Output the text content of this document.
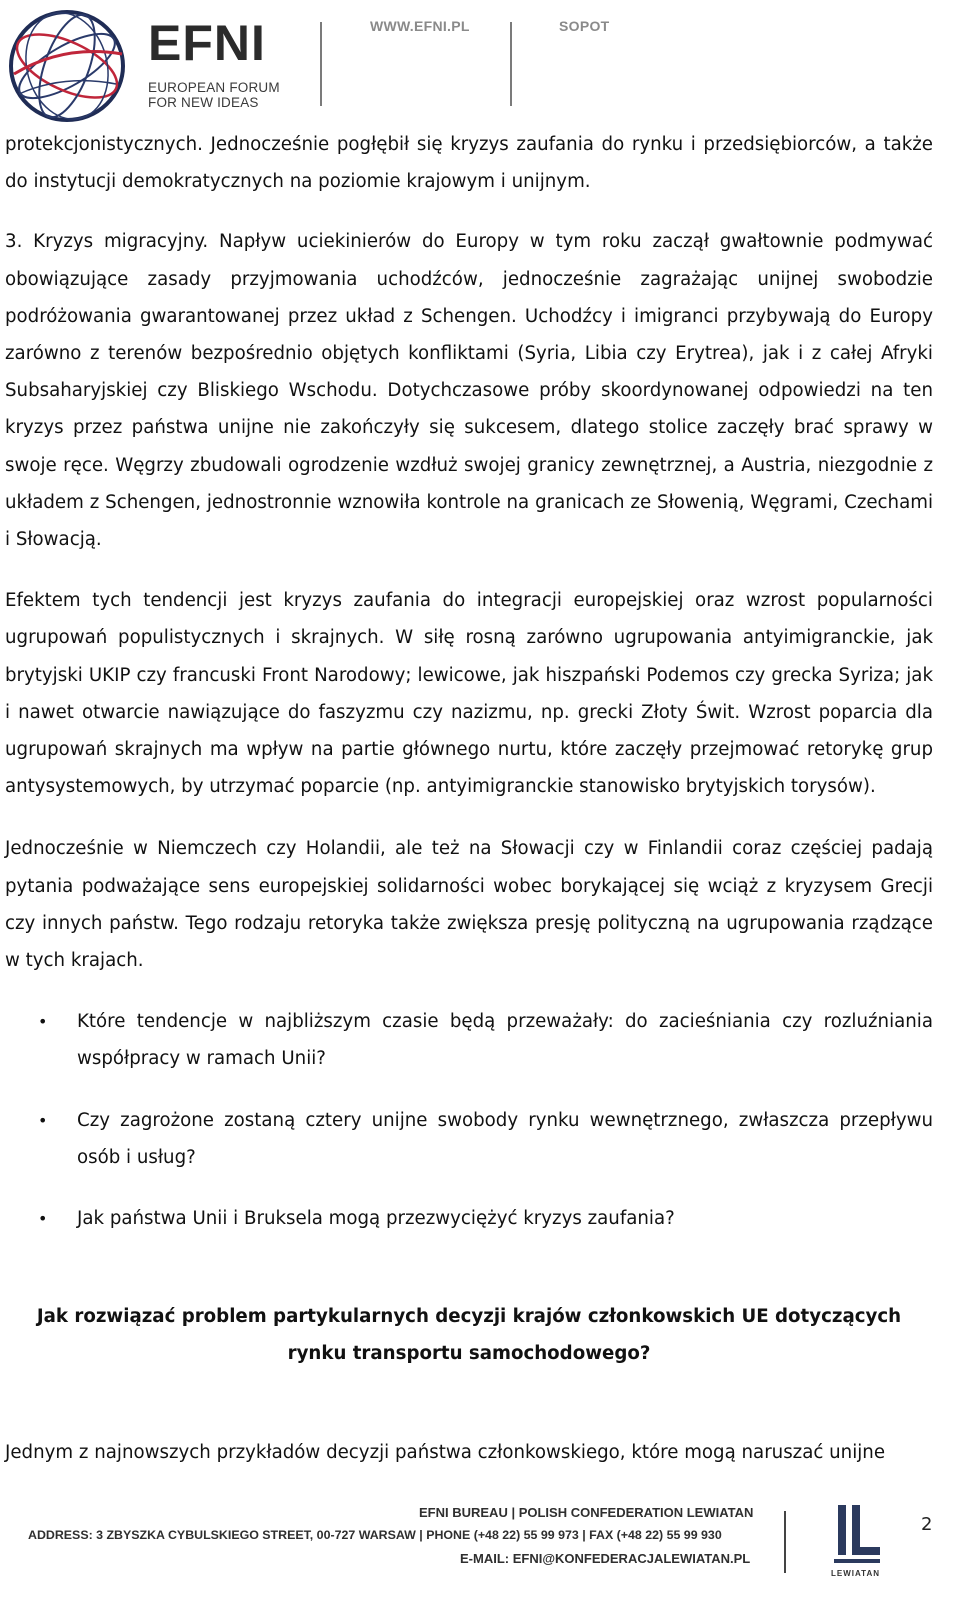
EFNI
EUROPEAN FORUM
FOR NEW IDEAS
WWW.EFNI.PL	SOPOT

protekcjonistycznych. Jednocześnie pogłębił się kryzys zaufania do rynku i przedsiębiorców, a także do instytucji demokratycznych na poziomie krajowym i unijnym.

3. Kryzys migracyjny. Napływ uciekinierów do Europy w tym roku zaczął gwałtownie podmywać obowiązujące zasady przyjmowania uchodźców, jednocześnie zagrażając unijnej swobodzie podróżowania gwarantowanej przez układ z Schengen. Uchodźcy i imigranci przybywają do Europy zarówno z terenów bezpośrednio objętych konfliktami (Syria, Libia czy Erytrea), jak i z całej Afryki Subsaharyjskiej czy Bliskiego Wschodu. Dotychczasowe próby skoordynowanej odpowiedzi na ten kryzys przez państwa unijne nie zakończyły się sukcesem, dlatego stolice zaczęły brać sprawy w swoje ręce. Węgrzy zbudowali ogrodzenie wzdłuż swojej granicy zewnętrznej, a Austria, niezgodnie z układem z Schengen, jednostronnie wznowiła kontrole na granicach ze Słowenią, Węgrami, Czechami i Słowacją.

Efektem tych tendencji jest kryzys zaufania do integracji europejskiej oraz wzrost popularności ugrupowań populistycznych i skrajnych. W siłę rosną zarówno ugrupowania antyimigranckie, jak brytyjski UKIP czy francuski Front Narodowy; lewicowe, jak hiszpański Podemos czy grecka Syriza; jak i nawet otwarcie nawiązujące do faszyzmu czy nazizmu, np. grecki Złoty Świt. Wzrost poparcia dla ugrupowań skrajnych ma wpływ na partie głównego nurtu, które zaczęły przejmować retorykę grup antysystemowych, by utrzymać poparcie (np. antyimigranckie stanowisko brytyjskich torysów).

Jednocześnie w Niemczech czy Holandii, ale też na Słowacji czy w Finlandii coraz częściej padają pytania podważające sens europejskiej solidarności wobec borykającej się wciąż z kryzysem Grecji czy innych państw. Tego rodzaju retoryka także zwiększa presję polityczną na ugrupowania rządzące w tych krajach.

• Które tendencje w najbliższym czasie będą przeważały: do zacieśniania czy rozluźniania współpracy w ramach Unii?
• Czy zagrożone zostaną cztery unijne swobody rynku wewnętrznego, zwłaszcza przepływu osób i usług?
• Jak państwa Unii i Bruksela mogą przezwyciężyć kryzys zaufania?

Jak rozwiązać problem partykularnych decyzji krajów członkowskich UE dotyczących rynku transportu samochodowego?

Jednym z najnowszych przykładów decyzji państwa członkowskiego, które mogą naruszać unijne

EFNI BUREAU | POLISH CONFEDERATION LEWIATAN
ADDRESS: 3 ZBYSZKA CYBULSKIEGO STREET, 00-727 WARSAW | PHONE (+48 22) 55 99 973 | FAX (+48 22) 55 99 930
E-MAIL: EFNI@KONFEDERACJALEWIATAN.PL
LEWIATAN
2
